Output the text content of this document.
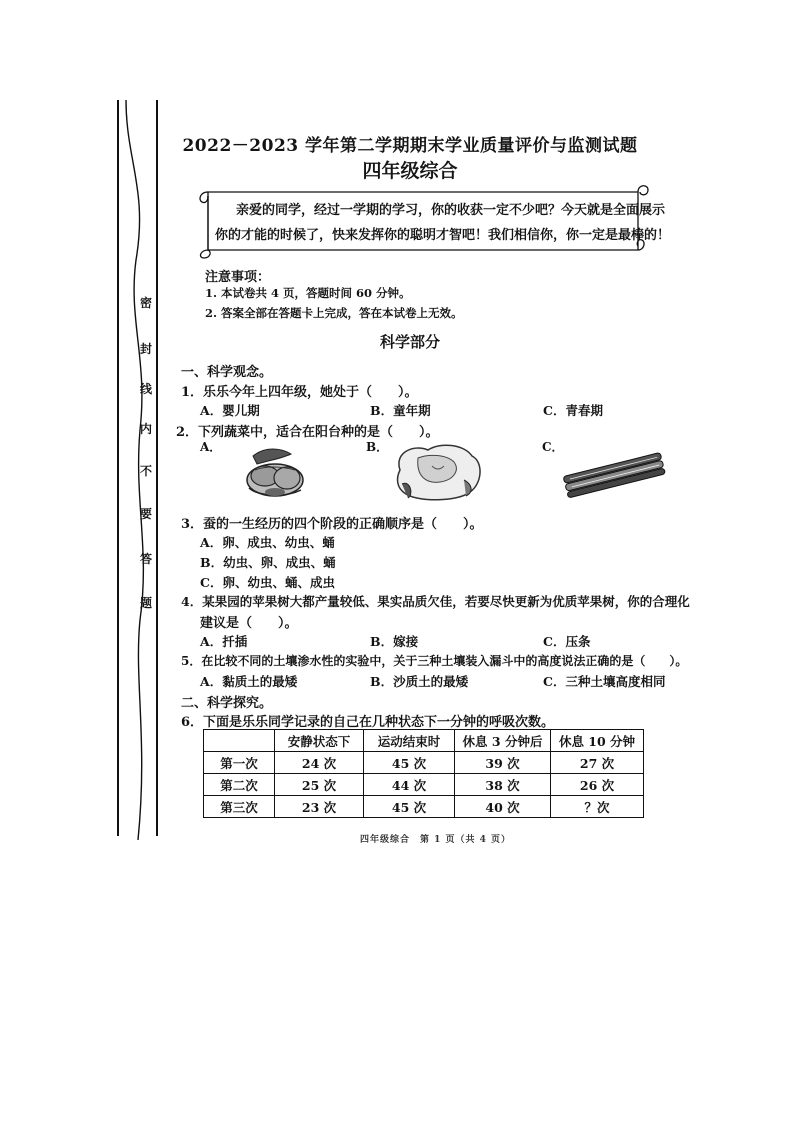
密
封
线
内
不
要
答
题
2022－2023 学年第二学期期末学业质量评价与监测试题
四年级综合
亲爱的同学，经过一学期的学习，你的收获一定不少吧？今天就是全面展示
你的才能的时候了，快来发挥你的聪明才智吧！我们相信你，你一定是最棒的！
注意事项：
1. 本试卷共 4 页，答题时间 60 分钟。
2. 答案全部在答题卡上完成，答在本试卷上无效。
科学部分
一、科学观念。
1．乐乐今年上四年级，她处于（　　）。
A．婴儿期	B．童年期	C．青春期
2．下列蔬菜中，适合在阳台种的是（　　）。
A．	B．	C．
3．蚕的一生经历的四个阶段的正确顺序是（　　）。
A．卵、成虫、幼虫、蛹
B．幼虫、卵、成虫、蛹
C．卵、幼虫、蛹、成虫
4．某果园的苹果树大都产量较低、果实品质欠佳，若要尽快更新为优质苹果树，你的合理化
建议是（　　）。
A．扦插	B．嫁接	C．压条
5．在比较不同的土壤渗水性的实验中，关于三种土壤装入漏斗中的高度说法正确的是（　　）。
A．黏质土的最矮	B．沙质土的最矮	C．三种土壤高度相同
二、科学探究。
6．下面是乐乐同学记录的自己在几种状态下一分钟的呼吸次数。
	安静状态下	运动结束时	休息 3 分钟后	休息 10 分钟
第一次	24 次	45 次	39 次	27 次
第二次	25 次	44 次	38 次	26 次
第三次	23 次	45 次	40 次	？次
四年级综合　第 1 页（共 4 页）
